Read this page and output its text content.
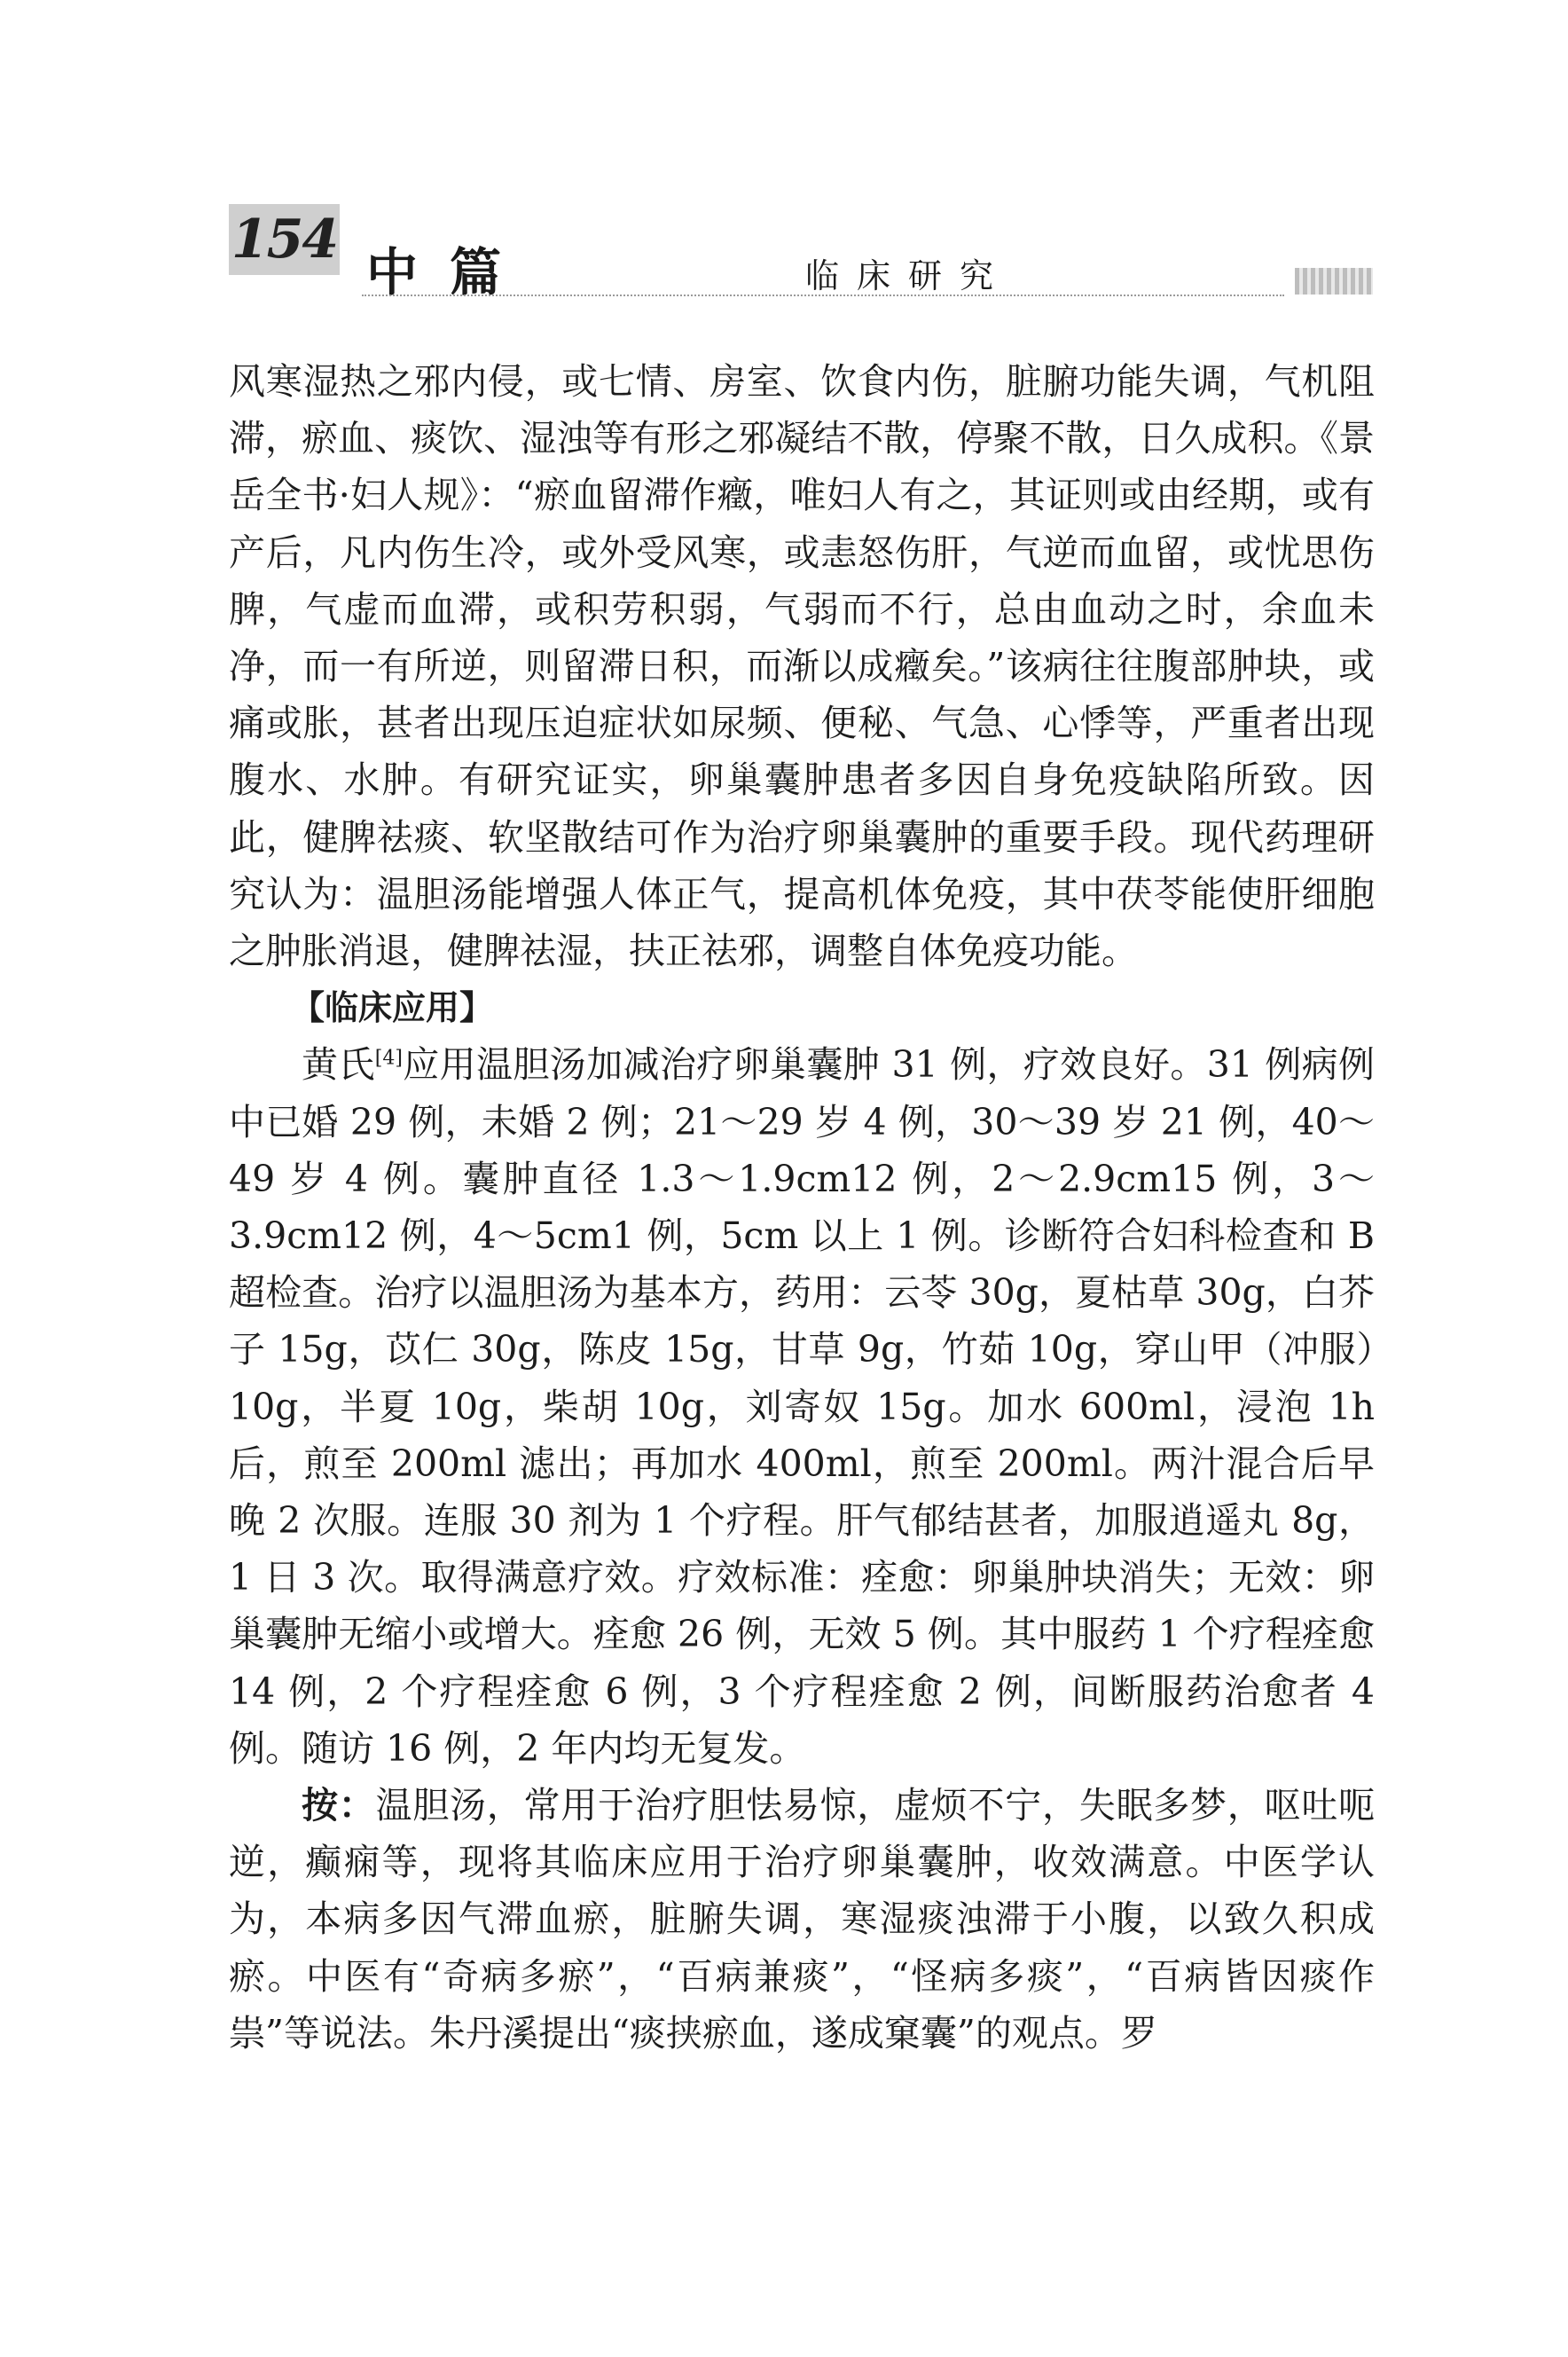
154
中篇	临床研究

风寒湿热之邪内侵，或七情、房室、饮食内伤，脏腑功能失调，气机阻滞，瘀血、痰饮、湿浊等有形之邪凝结不散，停聚不散，日久成积。《景岳全书·妇人规》：“瘀血留滞作癥，唯妇人有之，其证则或由经期，或有产后，凡内伤生冷，或外受风寒，或恚怒伤肝，气逆而血留，或忧思伤脾，气虚而血滞，或积劳积弱，气弱而不行，总由血动之时，余血未净，而一有所逆，则留滞日积，而渐以成癥矣。”该病往往腹部肿块，或痛或胀，甚者出现压迫症状如尿频、便秘、气急、心悸等，严重者出现腹水、水肿。有研究证实，卵巢囊肿患者多因自身免疫缺陷所致。因此，健脾祛痰、软坚散结可作为治疗卵巢囊肿的重要手段。现代药理研究认为：温胆汤能增强人体正气，提高机体免疫，其中茯苓能使肝细胞之肿胀消退，健脾祛湿，扶正祛邪，调整自体免疫功能。

【临床应用】

黄氏[4]应用温胆汤加减治疗卵巢囊肿 31 例，疗效良好。31 例病例中已婚 29 例，未婚 2 例；21～29 岁 4 例，30～39 岁 21 例，40～49 岁 4 例。囊肿直径 1.3～1.9cm12 例，2～2.9cm15 例，3～3.9cm12 例，4～5cm1 例，5cm 以上 1 例。诊断符合妇科检查和 B 超检查。治疗以温胆汤为基本方，药用：云苓 30g，夏枯草 30g，白芥子 15g，苡仁 30g，陈皮 15g，甘草 9g，竹茹 10g，穿山甲（冲服）10g，半夏 10g，柴胡 10g，刘寄奴 15g。加水 600ml，浸泡 1h 后，煎至 200ml 滤出；再加水 400ml，煎至 200ml。两汁混合后早晚 2 次服。连服 30 剂为 1 个疗程。肝气郁结甚者，加服逍遥丸 8g，1 日 3 次。取得满意疗效。疗效标准：痊愈：卵巢肿块消失；无效：卵巢囊肿无缩小或增大。痊愈 26 例，无效 5 例。其中服药 1 个疗程痊愈 14 例，2 个疗程痊愈 6 例，3 个疗程痊愈 2 例，间断服药治愈者 4 例。随访 16 例，2 年内均无复发。

按：温胆汤，常用于治疗胆怯易惊，虚烦不宁，失眠多梦，呕吐呃逆，癫痫等，现将其临床应用于治疗卵巢囊肿，收效满意。中医学认为，本病多因气滞血瘀，脏腑失调，寒湿痰浊滞于小腹，以致久积成瘀。中医有“奇病多瘀”，“百病兼痰”，“怪病多痰”，“百病皆因痰作祟”等说法。朱丹溪提出“痰挟瘀血，遂成窠囊”的观点。罗
